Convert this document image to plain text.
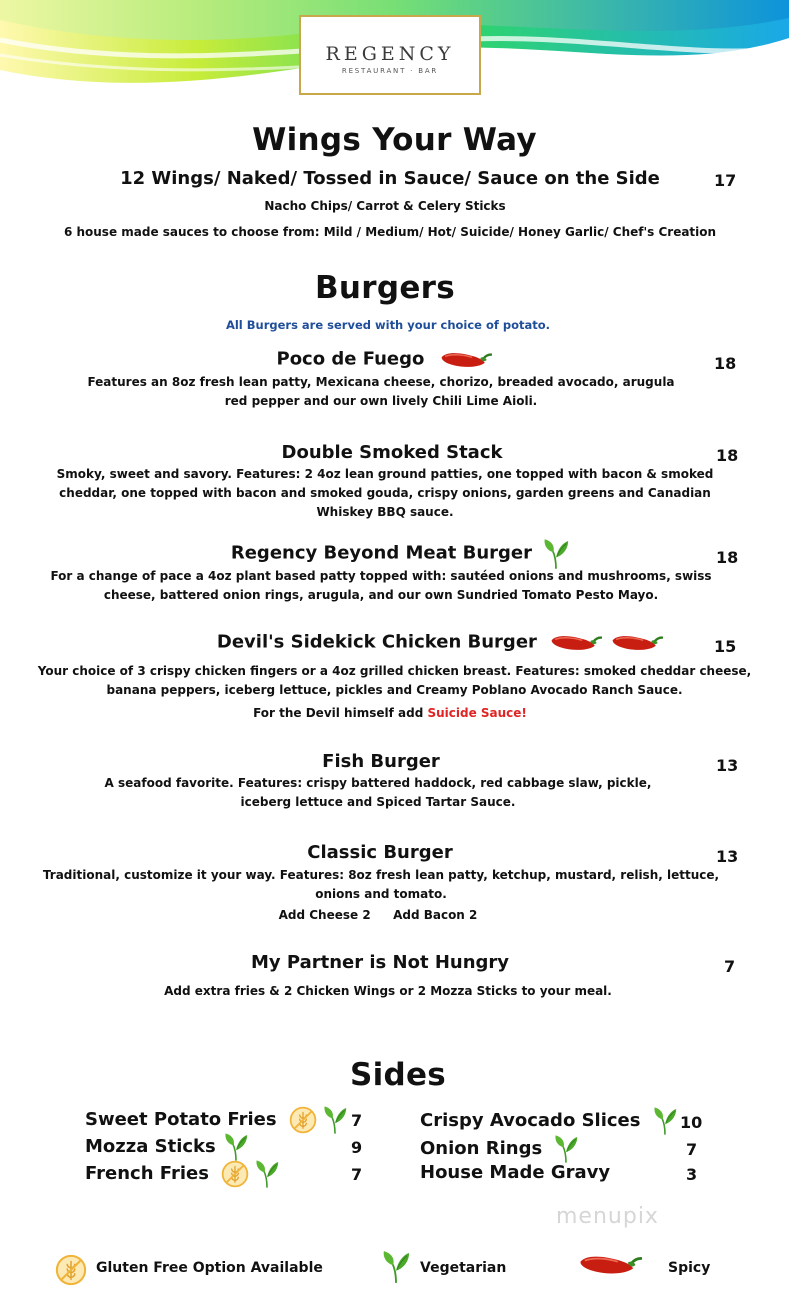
REGENCY
RESTAURANT · BAR
Wings Your Way
12 Wings/ Naked/ Tossed in Sauce/ Sauce on the Side	17
Nacho Chips/ Carrot & Celery Sticks
6 house made sauces to choose from: Mild / Medium/ Hot/ Suicide/ Honey Garlic/ Chef's Creation
Burgers
All Burgers are served with your choice of potato.
Poco de Fuego	18
Features an 8oz fresh lean patty, Mexicana cheese, chorizo, breaded avocado, arugula
red pepper and our own lively Chili Lime Aioli.
Double Smoked Stack	18
Smoky, sweet and savory. Features: 2 4oz lean ground patties, one topped with bacon & smoked
cheddar, one topped with bacon and smoked gouda, crispy onions, garden greens and Canadian
Whiskey BBQ sauce.
Regency Beyond Meat Burger	18
For a change of pace a 4oz plant based patty topped with: sautéed onions and mushrooms, swiss
cheese, battered onion rings, arugula, and our own Sundried Tomato Pesto Mayo.
Devil's Sidekick Chicken Burger	15
Your choice of 3 crispy chicken fingers or a 4oz grilled chicken breast. Features: smoked cheddar cheese,
banana peppers, iceberg lettuce, pickles and Creamy Poblano Avocado Ranch Sauce.
For the Devil himself add Suicide Sauce!
Fish Burger	13
A seafood favorite. Features: crispy battered haddock, red cabbage slaw, pickle,
iceberg lettuce and Spiced Tartar Sauce.
Classic Burger	13
Traditional, customize it your way. Features: 8oz fresh lean patty, ketchup, mustard, relish, lettuce,
onions and tomato.
Add Cheese 2 Add Bacon 2
My Partner is Not Hungry	7
Add extra fries & 2 Chicken Wings or 2 Mozza Sticks to your meal.
Sides
Sweet Potato Fries	7
Mozza Sticks	9
French Fries	7
Crispy Avocado Slices	10
Onion Rings	7
House Made Gravy	3
menupix
Gluten Free Option Available	Vegetarian	Spicy
